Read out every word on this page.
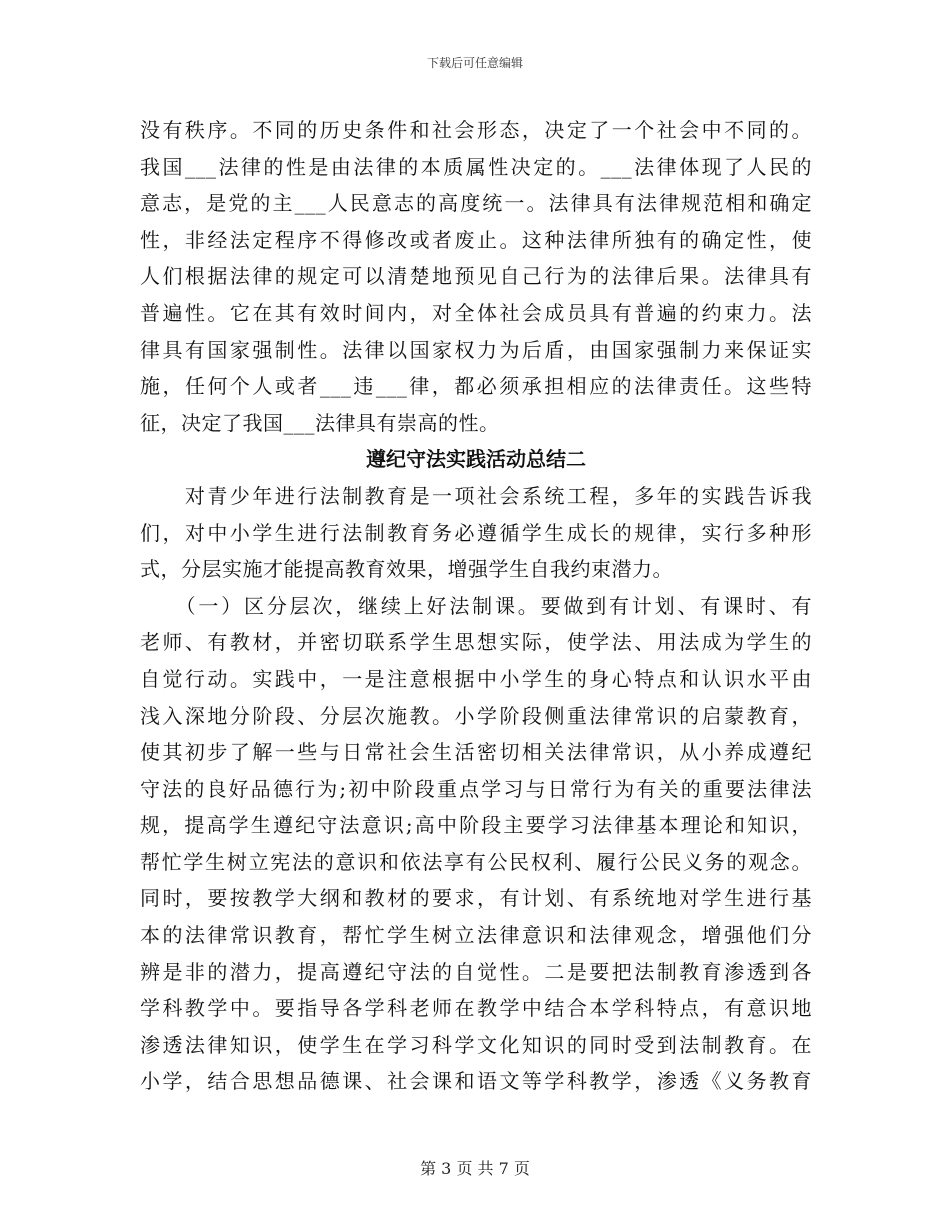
下载后可任意编辑
没有秩序。不同的历史条件和社会形态，决定了一个社会中不同的。
我国___法律的性是由法律的本质属性决定的。___法律体现了人民的
意志，是党的主___人民意志的高度统一。法律具有法律规范相和确定
性，非经法定程序不得修改或者废止。这种法律所独有的确定性，使
人们根据法律的规定可以清楚地预见自己行为的法律后果。法律具有
普遍性。它在其有效时间内，对全体社会成员具有普遍的约束力。法
律具有国家强制性。法律以国家权力为后盾，由国家强制力来保证实
施，任何个人或者___违___律，都必须承担相应的法律责任。这些特
征，决定了我国___法律具有崇高的性。
遵纪守法实践活动总结二
　　对青少年进行法制教育是一项社会系统工程，多年的实践告诉我
们，对中小学生进行法制教育务必遵循学生成长的规律，实行多种形
式，分层实施才能提高教育效果，增强学生自我约束潜力。
　　（一）区分层次，继续上好法制课。要做到有计划、有课时、有
老师、有教材，并密切联系学生思想实际，使学法、用法成为学生的
自觉行动。实践中，一是注意根据中小学生的身心特点和认识水平由
浅入深地分阶段、分层次施教。小学阶段侧重法律常识的启蒙教育，
使其初步了解一些与日常社会生活密切相关法律常识，从小养成遵纪
守法的良好品德行为;初中阶段重点学习与日常行为有关的重要法律法
规，提高学生遵纪守法意识;高中阶段主要学习法律基本理论和知识，
帮忙学生树立宪法的意识和依法享有公民权利、履行公民义务的观念。
同时，要按教学大纲和教材的要求，有计划、有系统地对学生进行基
本的法律常识教育，帮忙学生树立法律意识和法律观念，增强他们分
辨是非的潜力，提高遵纪守法的自觉性。二是要把法制教育渗透到各
学科教学中。要指导各学科老师在教学中结合本学科特点，有意识地
渗透法律知识，使学生在学习科学文化知识的同时受到法制教育。在
小学，结合思想品德课、社会课和语文等学科教学，渗透《义务教育
第 3 页 共 7 页
